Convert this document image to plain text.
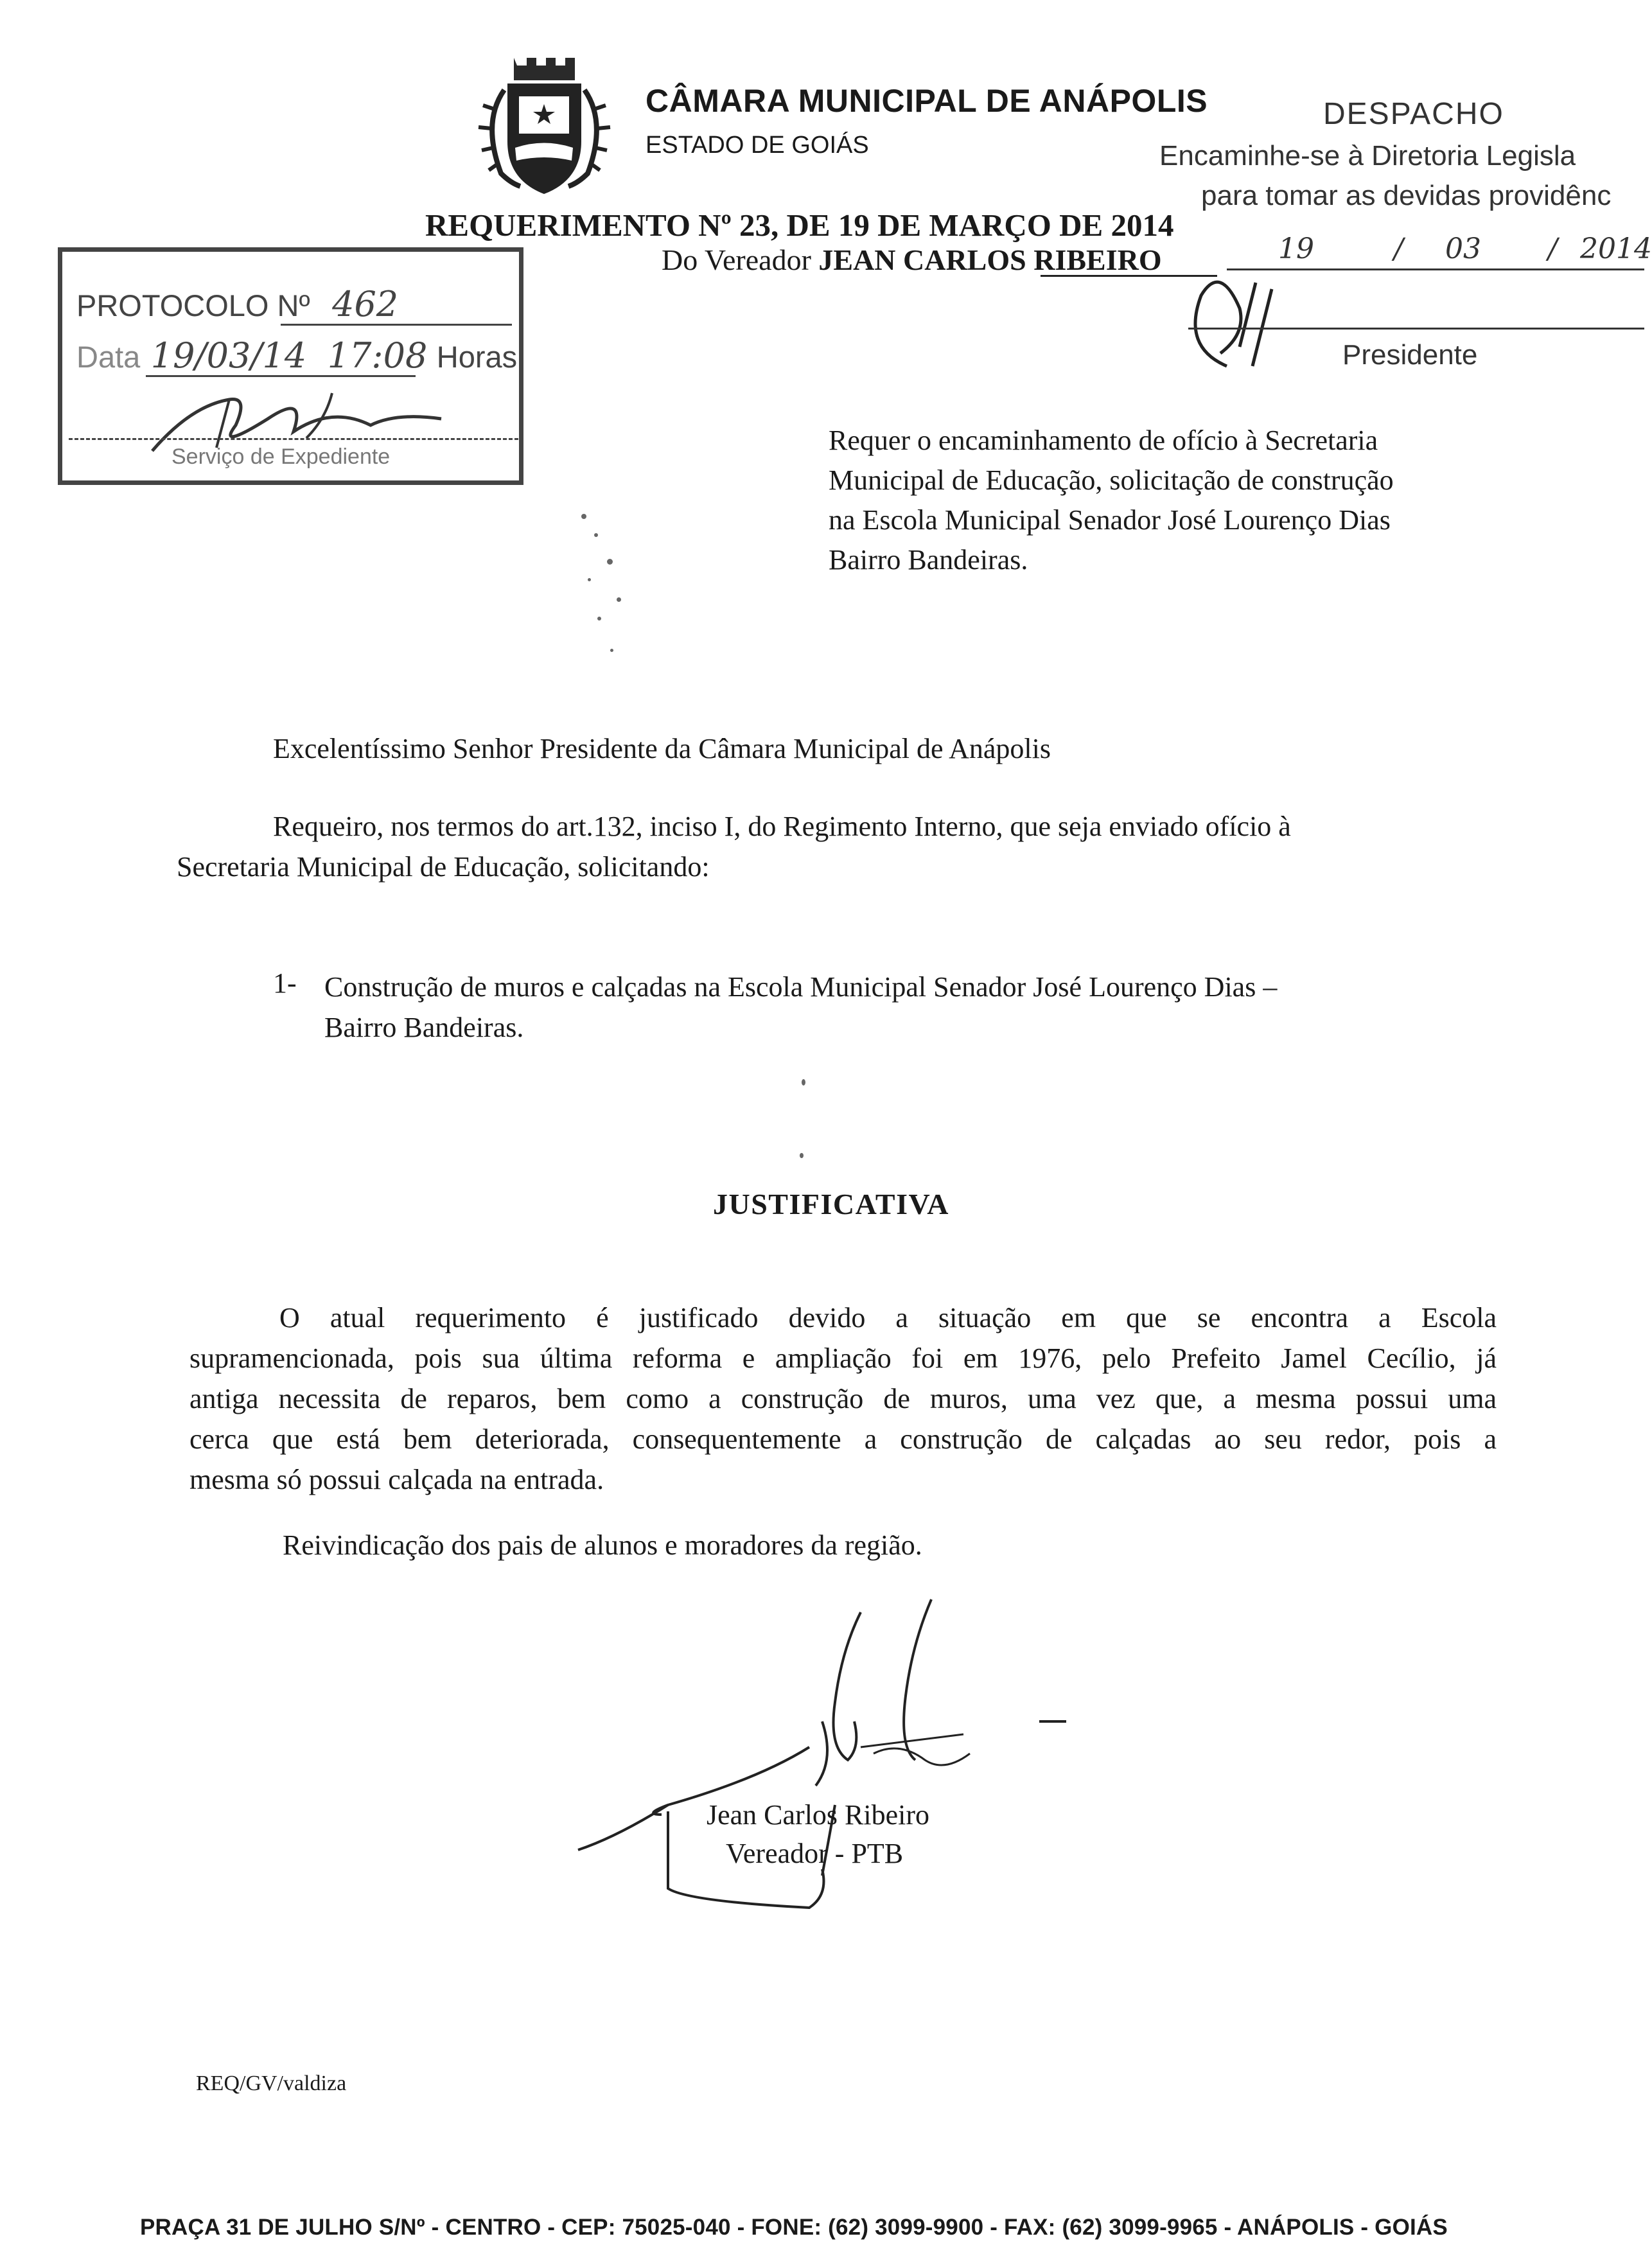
CÂMARA MUNICIPAL DE ANÁPOLIS
ESTADO DE GOIÁS
DESPACHO
Encaminhe-se à Diretoria Legisla
para tomar as devidas providênc
19	/ 03 / 2014
Presidente
REQUERIMENTO Nº 23, DE 19 DE MARÇO DE 2014
Do Vereador JEAN CARLOS RIBEIRO
PROTOCOLO Nº 462
Data 19/03/14 17:08 Horas
Serviço de Expediente
Requer o encaminhamento de ofício à Secretaria
Municipal de Educação, solicitação de construção
na Escola Municipal Senador José Lourenço Dias
Bairro Bandeiras.
Excelentíssimo Senhor Presidente da Câmara Municipal de Anápolis
Requeiro, nos termos do art.132, inciso I, do Regimento Interno, que seja enviado ofício à
Secretaria Municipal de Educação, solicitando:
1- Construção de muros e calçadas na Escola Municipal Senador José Lourenço Dias –
Bairro Bandeiras.
JUSTIFICATIVA
O atual requerimento é justificado devido a situação em que se encontra a Escola
supramencionada, pois sua última reforma e ampliação foi em 1976, pelo Prefeito Jamel Cecílio, já
antiga necessita de reparos, bem como a construção de muros, uma vez que, a mesma possui uma
cerca que está bem deteriorada, consequentemente a construção de calçadas ao seu redor, pois a
mesma só possui calçada na entrada.
Reivindicação dos pais de alunos e moradores da região.
Jean Carlos Ribeiro
Vereador - PTB
REQ/GV/valdiza
PRAÇA 31 DE JULHO S/Nº - CENTRO - CEP: 75025-040 - FONE: (62) 3099-9900 - FAX: (62) 3099-9965 - ANÁPOLIS - GOIÁS
